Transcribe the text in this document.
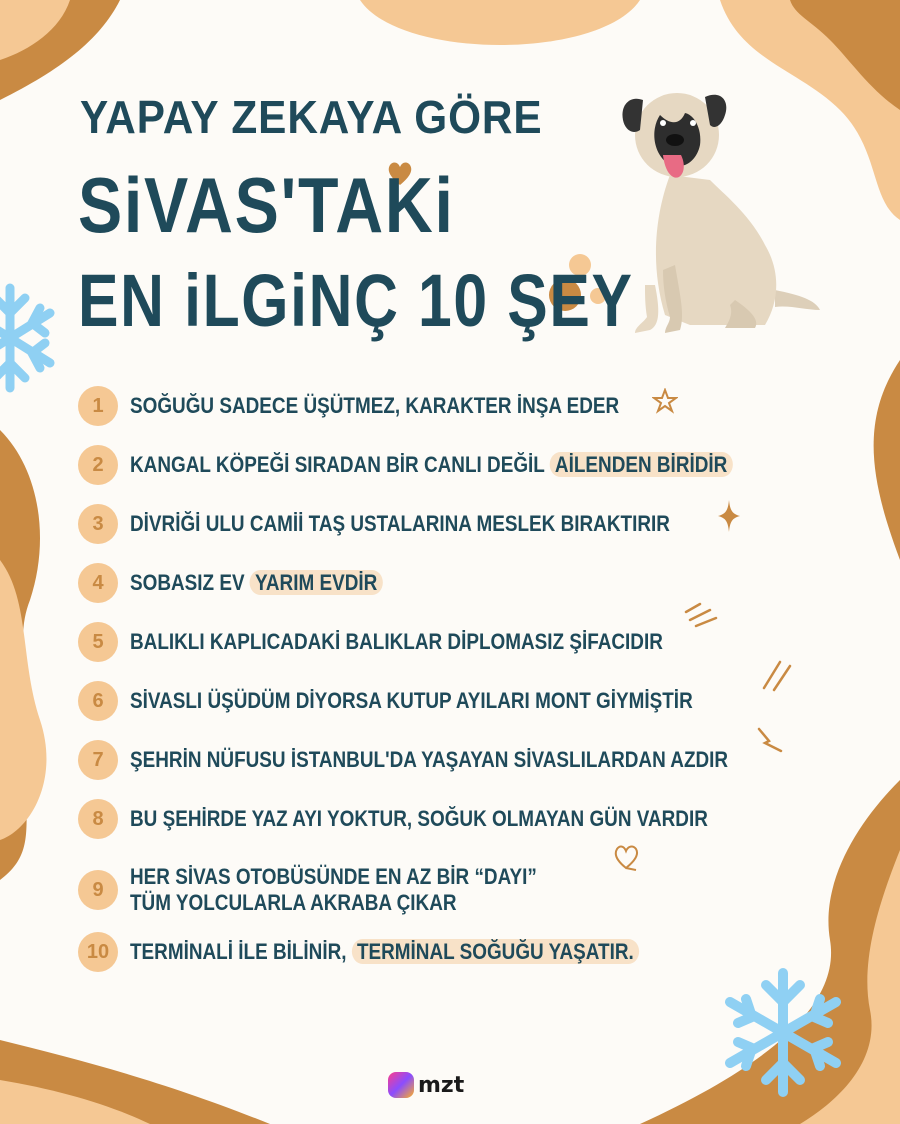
YAPAY ZEKAYA GÖRE
SiVAS'TAKi
EN iLGiNÇ 10 ŞEY
1	SOĞUĞU SADECE ÜŞÜTMEZ, KARAKTER İNŞA EDER
2	KANGAL KÖPEĞİ SIRADAN BİR CANLI DEĞİL AİLENDEN BİRİDİR
3	DİVRİĞİ ULU CAMİİ TAŞ USTALARINA MESLEK BIRAKTIRIR
4	SOBASIZ EV YARIM EVDİR
5	BALIKLI KAPLICADAKİ BALIKLAR DİPLOMASIZ ŞİFACIDIR
6	SİVASLI ÜŞÜDÜM DİYORSA KUTUP AYILARI MONT GİYMİŞTİR
7	ŞEHRİN NÜFUSU İSTANBUL'DA YAŞAYAN SİVASLILARDAN AZDIR
8	BU ŞEHİRDE YAZ AYI YOKTUR, SOĞUK OLMAYAN GÜN VARDIR
9
HER SİVAS OTOBÜSÜNDE EN AZ BİR “DAYI”
TÜM YOLCULARLA AKRABA ÇIKAR
10 TERMİNALİ İLE BİLİNİR, TERMİNAL SOĞUĞU YAŞATIR.
mzt
